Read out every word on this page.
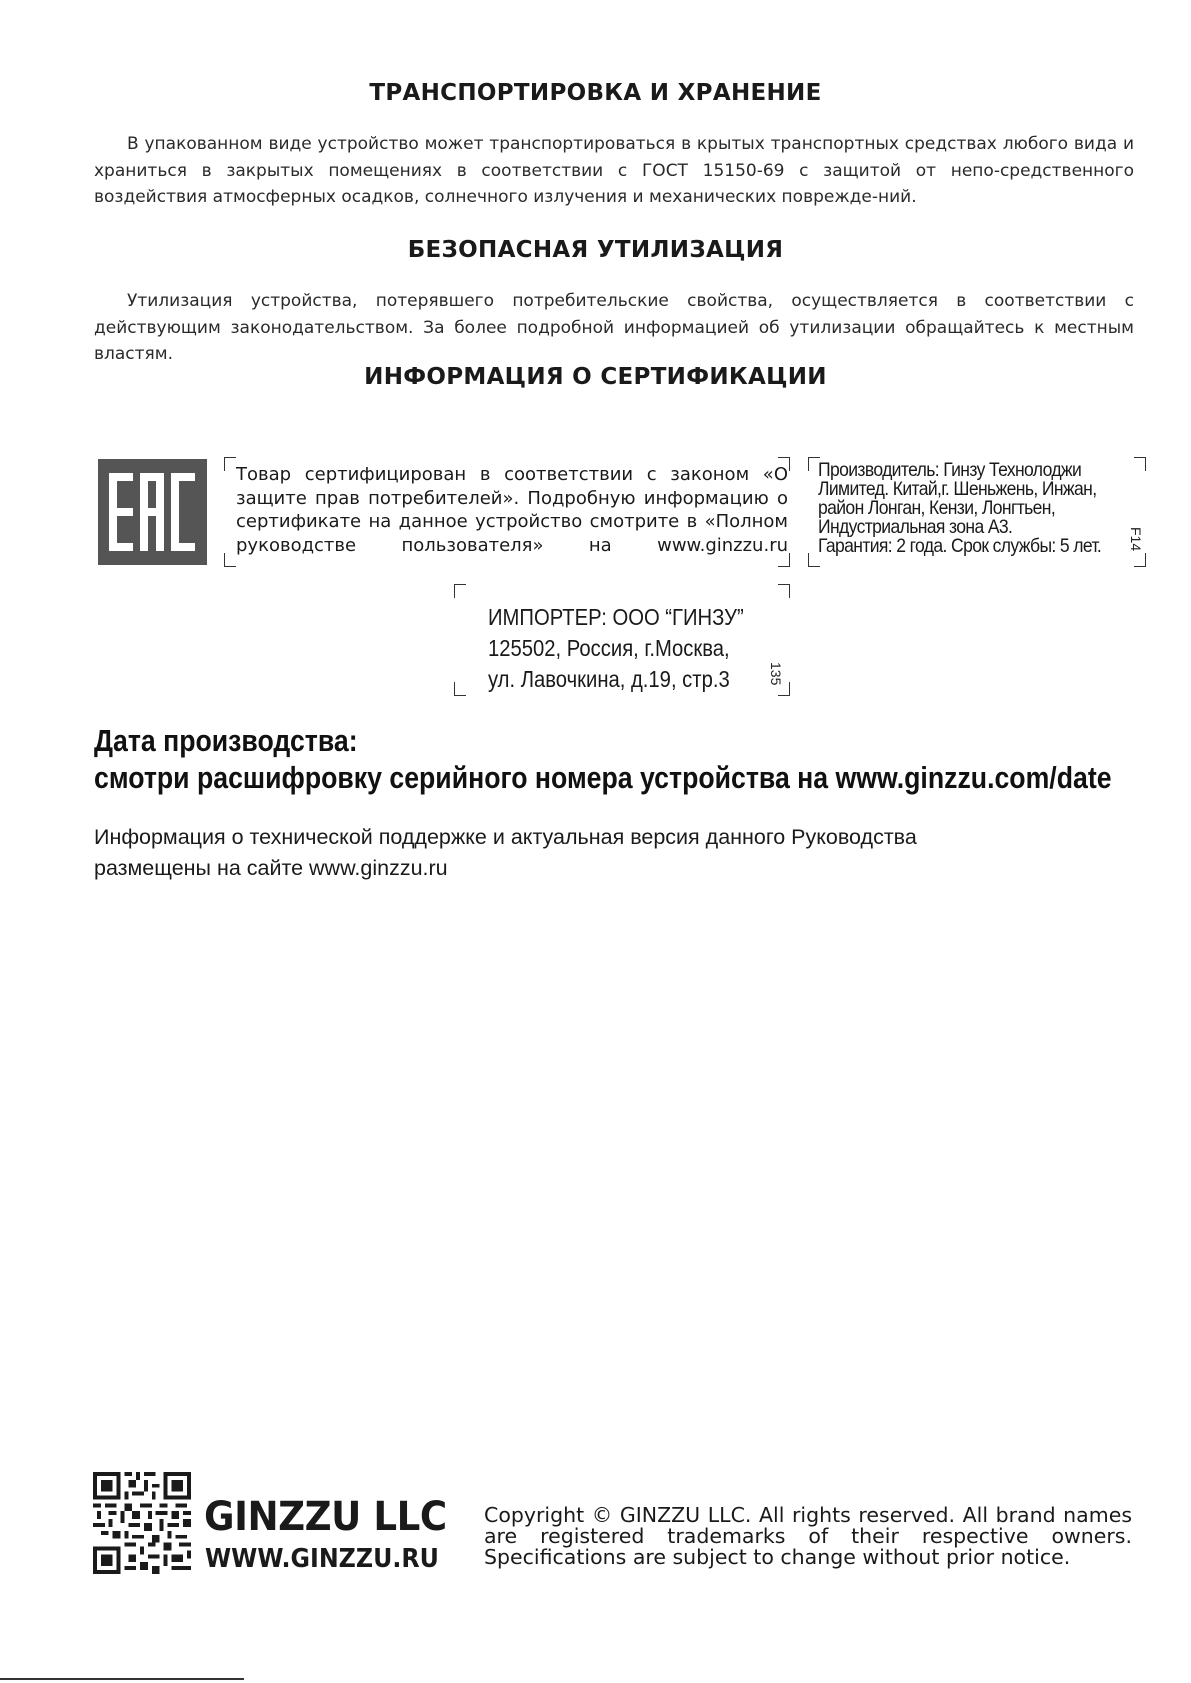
ТРАНСПОРТИРОВКА И ХРАНЕНИЕ
В упакованном виде устройство может транспортироваться в крытых транспортных средствах любого вида и храниться в закрытых помещениях в соответствии с ГОСТ 15150-69 с защитой от непо-средственного воздействия атмосферных осадков, солнечного излучения и механических поврежде-ний.
БЕЗОПАСНАЯ УТИЛИЗАЦИЯ
Утилизация устройства, потерявшего потребительские свойства, осуществляется в соответствии с действующим законодательством. За более подробной информацией об утилизации обращайтесь к местным властям.
ИНФОРМАЦИЯ О СЕРТИФИКАЦИИ
Товар сертифицирован в соответствии с законом «О защите прав потребителей». Подробную информацию о сертификате на данное устройство смотрите в «Полном руководстве пользователя» на www.ginzzu.ru
Производитель: Гинзу Технолоджи
Лимитед. Китай,г. Шеньжень, Инжан,
район Лонган, Кензи, Лонгтьен,
Индустриальная зона А3.
Гарантия: 2 года. Срок службы: 5 лет.	F14
ИМПОРТЕР: ООО “ГИНЗУ”
125502, Россия, г.Москва,
ул. Лавочкина, д.19, стр.3	135
Дата производства:
смотри расшифровку серийного номера устройства на www.ginzzu.com/date
Информация о технической поддержке и актуальная версия данного Руководства
размещены на сайте www.ginzzu.ru
GINZZU LLC
WWW.GINZZU.RU
Copyright © GINZZU LLC. All rights reserved. All brand names
are registered trademarks of their respective owners.
Specifications are subject to change without prior notice.
